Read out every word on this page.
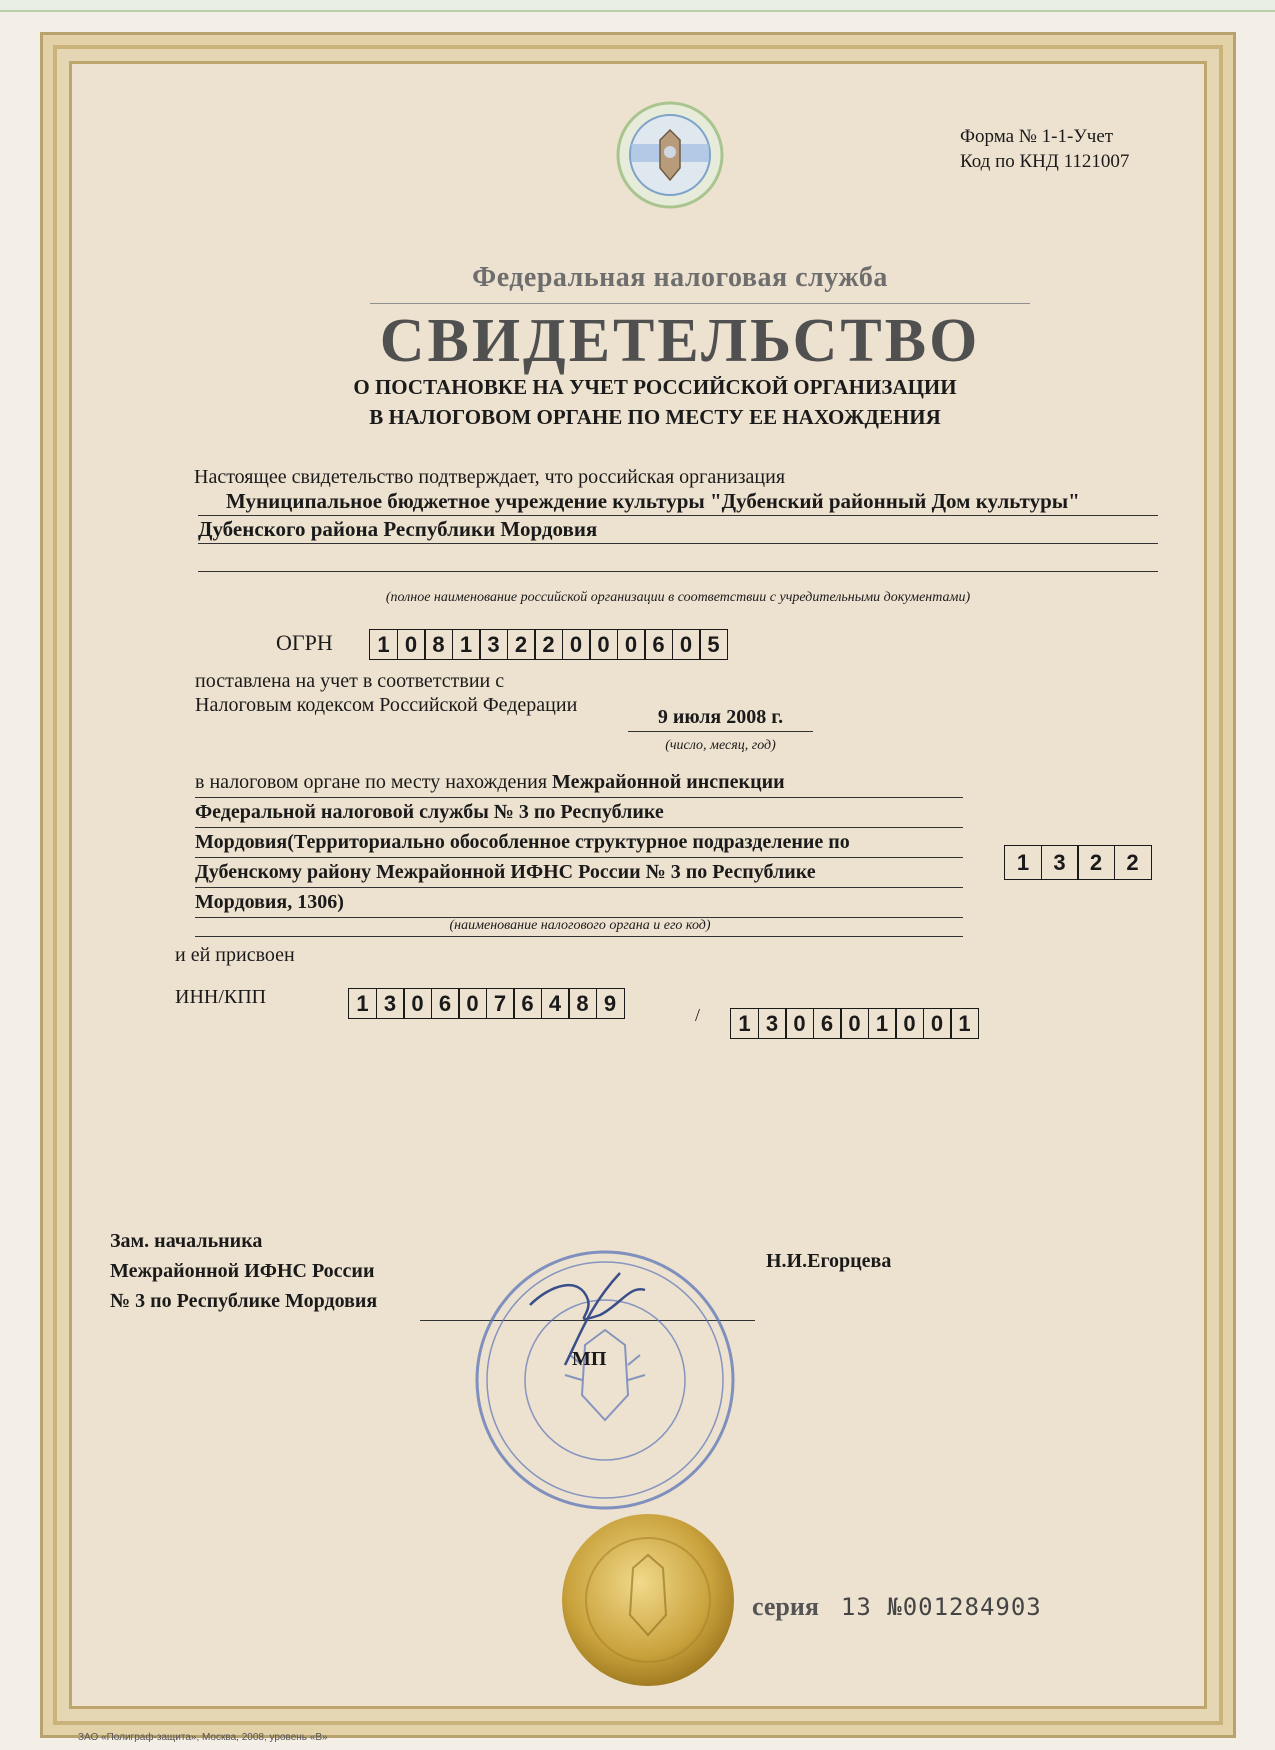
Форма № 1-1-Учет
Код по КНД 1121007
Федеральная налоговая служба
СВИДЕТЕЛЬСТВО
О ПОСТАНОВКЕ НА УЧЕТ РОССИЙСКОЙ ОРГАНИЗАЦИИ
В НАЛОГОВОМ ОРГАНЕ ПО МЕСТУ ЕЕ НАХОЖДЕНИЯ
Настоящее свидетельство подтверждает, что российская организация
Муниципальное бюджетное учреждение культуры "Дубенский районный Дом культуры"
Дубенского района Республики Мордовия
(полное наименование российской организации в соответствии с учредительными документами)
ОГРН	1 0 8 1 3 2 2 0 0 0 6 0 5
поставлена на учет в соответствии с
Налоговым кодексом Российской Федерации
9 июля 2008 г.
(число, месяц, год)
в налоговом органе по месту нахождения Межрайонной инспекции
Федеральной налоговой службы № 3 по Республике
Мордовия(Территориально обособленное структурное подразделение по
Дубенскому району Межрайонной ИФНС России № 3 по Республике
Мордовия, 1306)
(наименование налогового органа и его код)
1	3	2	2
и ей присвоен
ИНН/КПП	1 3 0 6 0 7 6 4 8 9	/	1 3 0 6 0 1 0 0 1
Зам. начальника
Межрайонной ИФНС России
№ 3 по Республике Мордовия
Н.И.Егорцева
МП
серия 13 №001284903
ЗАО «Полиграф-защита», Москва, 2008, уровень «В»
